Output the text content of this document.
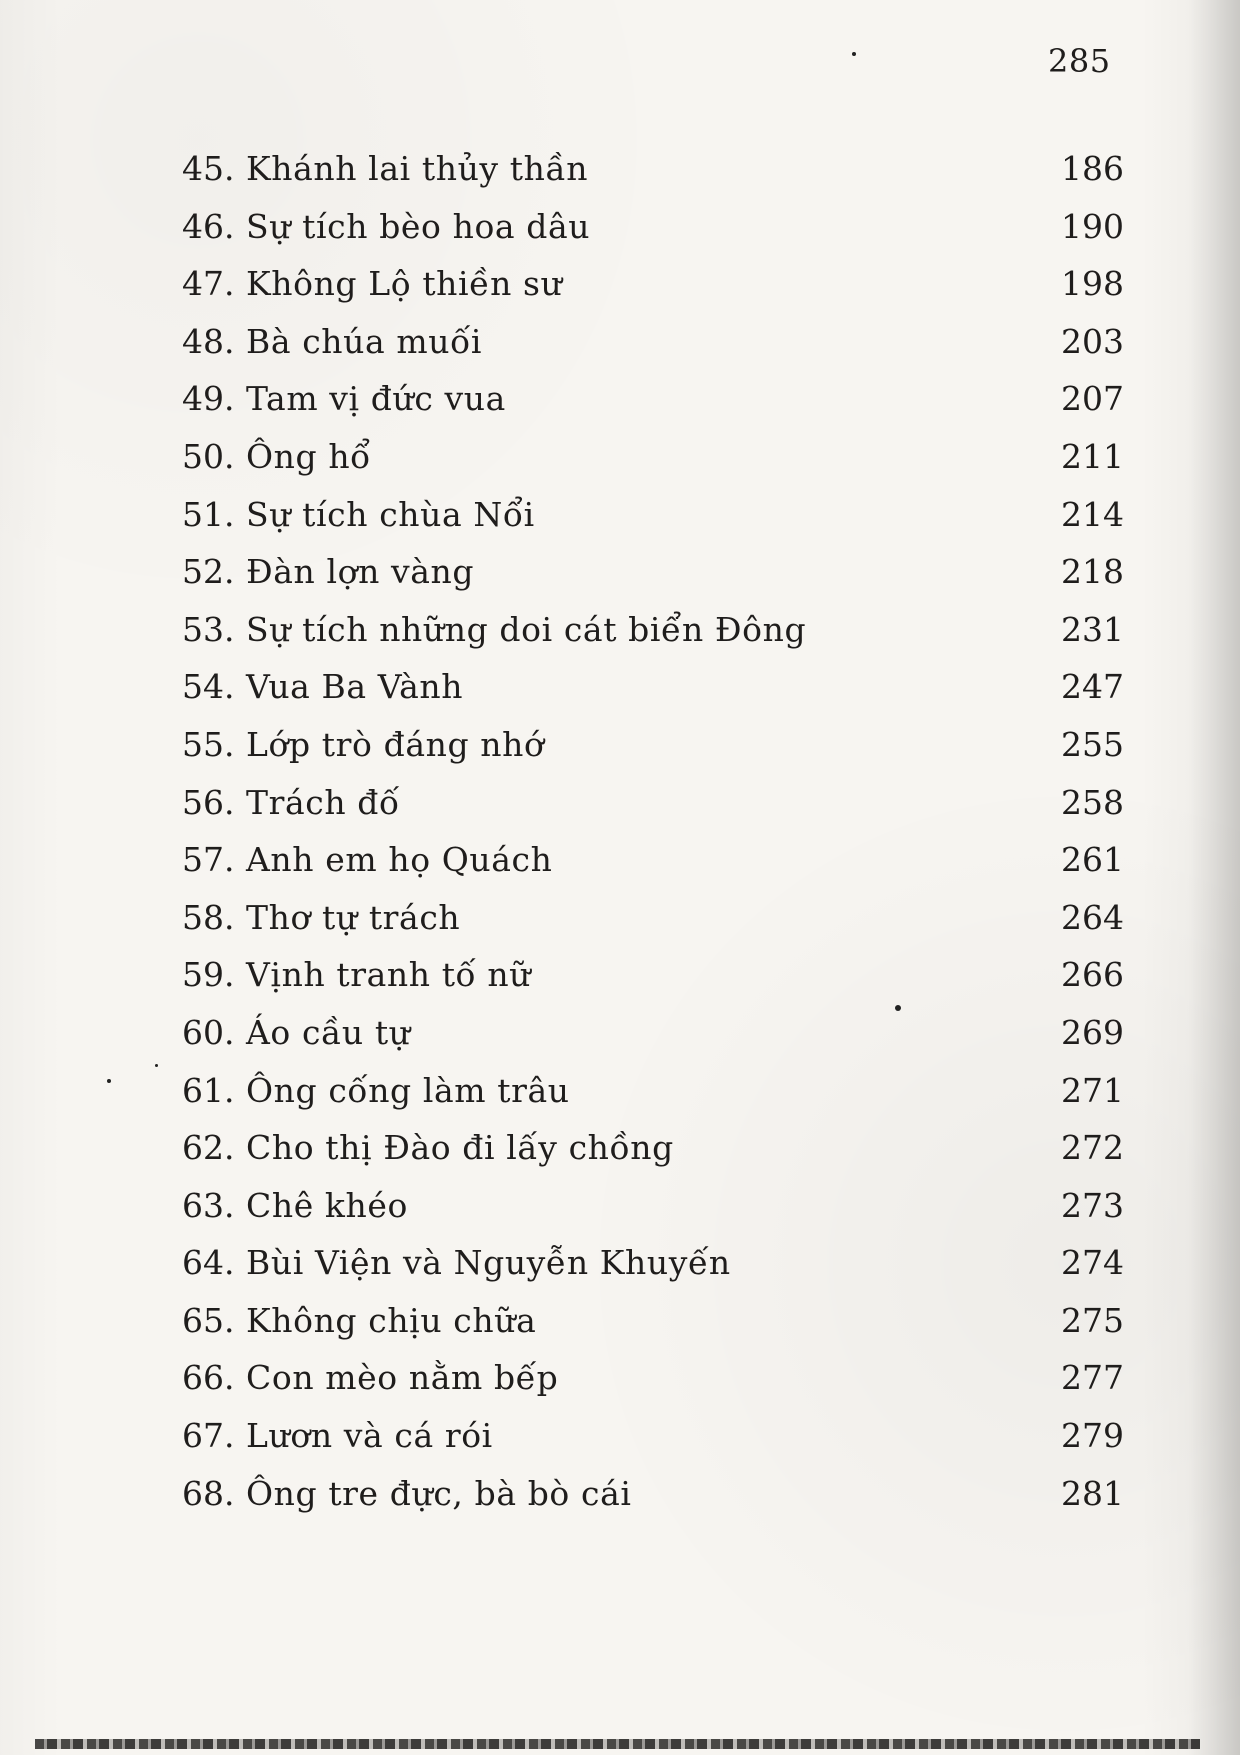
285
45. Khánh lai thủy thần	186
46. Sự tích bèo hoa dâu	190
47. Không Lộ thiền sư	198
48. Bà chúa muối	203
49. Tam vị đức vua	207
50. Ông hổ	211
51. Sự tích chùa Nổi	214
52. Đàn lợn vàng	218
53. Sự tích những doi cát biển Đông	231
54. Vua Ba Vành	247
55. Lớp trò đáng nhớ	255
56. Trách đố	258
57. Anh em họ Quách	261
58. Thơ tự trách	264
59. Vịnh tranh tố nữ	266
60. Áo cầu tự	269
61. Ông cống làm trâu	271
62. Cho thị Đào đi lấy chồng	272
63. Chê khéo	273
64. Bùi Viện và Nguyễn Khuyến	274
65. Không chịu chữa	275
66. Con mèo nằm bếp	277
67. Lươn và cá rói	279
68. Ông tre đực, bà bò cái	281
